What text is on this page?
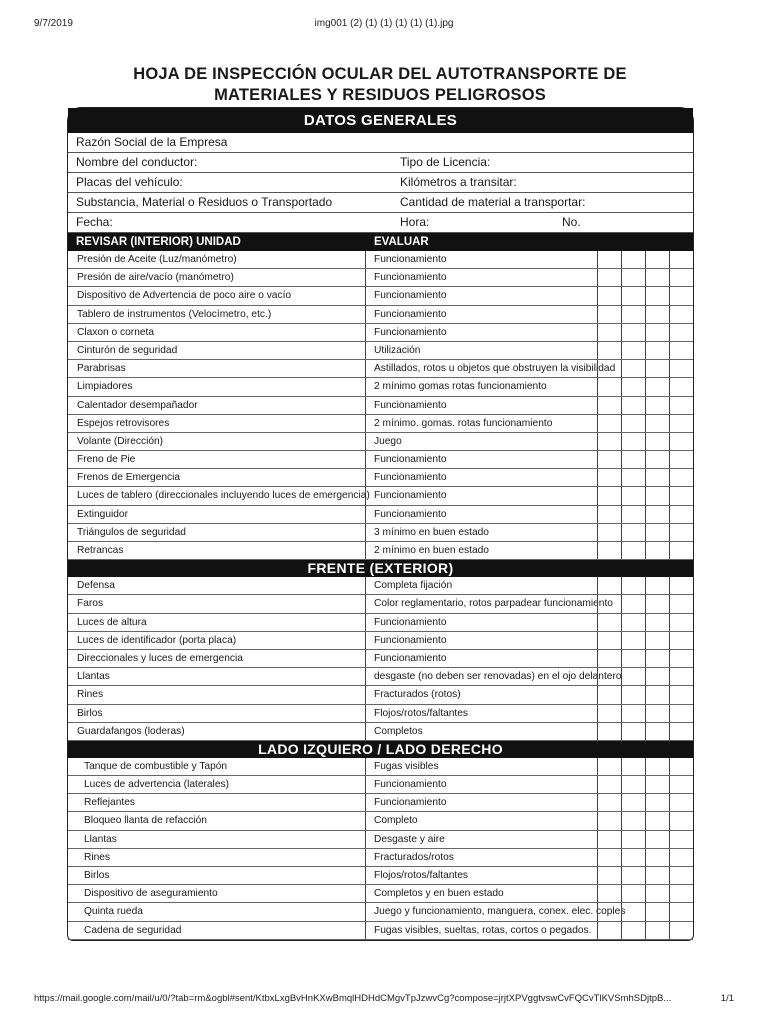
9/7/2019	img001 (2) (1) (1) (1) (1) (1).jpg
HOJA DE INSPECCIÓN OCULAR DEL AUTOTRANSPORTE DE
MATERIALES Y RESIDUOS PELIGROSOS
DATOS GENERALES
Razón Social de la Empresa
Nombre del conductor:	Tipo de Licencia:
Placas del vehículo:	Kilómetros a transitar:
Substancia, Material o Residuos o Transportado	Cantidad de material a transportar:
Fecha:	Hora:	No.
REVISAR (INTERIOR) UNIDAD	EVALUAR
Presión de Aceite (Luz/manómetro)	Funcionamiento
Presión de aire/vacío (manómetro)	Funcionamiento
Dispositivo de Advertencia de poco aire o vacío	Funcionamiento
Tablero de instrumentos (Velocímetro, etc.)	Funcionamiento
Claxon o corneta	Funcionamiento
Cinturón de seguridad	Utilización
Parabrisas	Astillados, rotos u objetos que obstruyen la visibilidad
Limpiadores	2 mínimo gomas rotas funcionamiento
Calentador desempañador	Funcionamiento
Espejos retrovisores	2 mínimo. gomas. rotas funcionamiento
Volante (Dirección)	Juego
Freno de Pie	Funcionamiento
Frenos de Emergencia	Funcionamiento
Luces de tablero (direccionales incluyendo luces de emergencia) Funcionamiento
Extinguidor	Funcionamiento
Triángulos de seguridad	3 mínimo en buen estado
Retrancas	2 mínimo en buen estado
FRENTE (EXTERIOR)
Defensa	Completa fijación
Faros	Color reglamentario, rotos parpadear funcionamiento
Luces de altura	Funcionamiento
Luces de identificador (porta placa)	Funcionamiento
Direccionales y luces de emergencia	Funcionamiento
Llantas	desgaste (no deben ser renovadas) en el ojo delantero
Rines	Fracturados (rotos)
Birlos	Flojos/rotos/faltantes
Guardafangos (loderas)	Completos
LADO IZQUIERO / LADO DERECHO
Tanque de combustible y Tapón	Fugas visibles
Luces de advertencia (laterales)	Funcionamiento
Reflejantes	Funcionamiento
Bloqueo llanta de refacción	Completo
Llantas	Desgaste y aire
Rines	Fracturados/rotos
Birlos	Flojos/rotos/faltantes
Dispositivo de aseguramiento	Completos y en buen estado
Quinta rueda	Juego y funcionamiento, manguera, conex. elec. coples
Cadena de seguridad	Fugas visibles, sueltas, rotas, cortos o pegados.
https://mail.google.com/mail/u/0/?tab=rm&ogbl#sent/KtbxLxgBvHnKXwBmqlHDHdCMgvTpJzwvCg?compose=jrjtXPVggtvswCvFQCvTlKVSmhSDjtpB...	1/1
